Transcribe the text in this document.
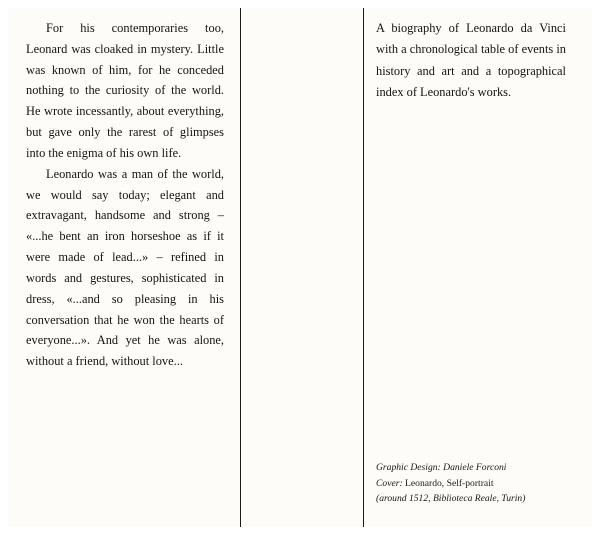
For his contemporaries too, Leonard was cloaked in mystery. Little was known of him, for he conceded nothing to the curiosity of the world. He wrote incessantly, about everything, but gave only the rarest of glimpses into the enigma of his own life.

Leonardo was a man of the world, we would say today; elegant and extravagant, handsome and strong – «...he bent an iron horseshoe as if it were made of lead...» – refined in words and gestures, sophisticated in dress, «...and so pleasing in his conversation that he won the hearts of everyone...». And yet he was alone, without a friend, without love...

A biography of Leonardo da Vinci with a chronological table of events in history and art and a topographical index of Leonardo's works.

Graphic Design: Daniele Forconi
Cover: Leonardo, Self-portrait
(around 1512, Biblioteca Reale, Turin)
